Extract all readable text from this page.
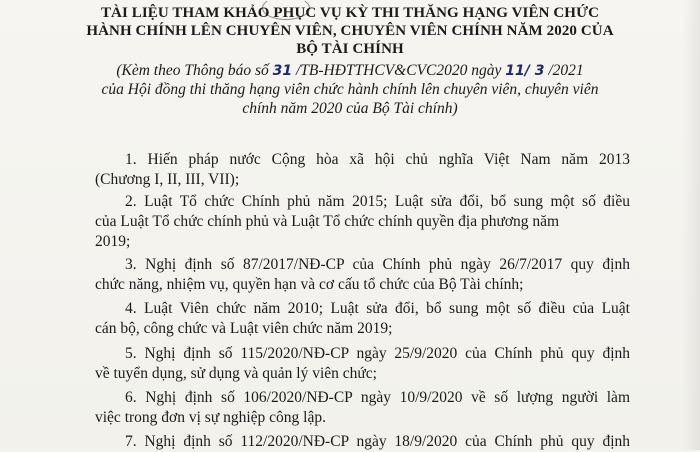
TÀI LIỆU THAM KHẢO PHỤC VỤ KỲ THI THĂNG HẠNG VIÊN CHỨC
HÀNH CHÍNH LÊN CHUYÊN VIÊN, CHUYÊN VIÊN CHÍNH NĂM 2020 CỦA
BỘ TÀI CHÍNH
(Kèm theo Thông báo số 31 /TB-HĐTTHCV&CVC2020 ngày 11/ 3 /2021
của Hội đồng thi thăng hạng viên chức hành chính lên chuyên viên, chuyên viên
chính năm 2020 của Bộ Tài chính)
1. Hiến pháp nước Cộng hòa xã hội chủ nghĩa Việt Nam năm 2013
(Chương I, II, III, VII);
2. Luật Tổ chức Chính phủ năm 2015; Luật sửa đổi, bổ sung một số điều
của Luật Tổ chức chính phủ và Luật Tổ chức chính quyền địa phương năm
2019;
3. Nghị định số 87/2017/NĐ-CP của Chính phủ ngày 26/7/2017 quy định
chức năng, nhiệm vụ, quyền hạn và cơ cấu tổ chức của Bộ Tài chính;
4. Luật Viên chức năm 2010; Luật sửa đổi, bổ sung một số điều của Luật
cán bộ, công chức và Luật viên chức năm 2019;
5. Nghị định số 115/2020/NĐ-CP ngày 25/9/2020 của Chính phủ quy định
về tuyển dụng, sử dụng và quản lý viên chức;
6. Nghị định số 106/2020/NĐ-CP ngày 10/9/2020 về số lượng người làm
việc trong đơn vị sự nghiệp công lập.
7. Nghị định số 112/2020/NĐ-CP ngày 18/9/2020 của Chính phủ quy định
